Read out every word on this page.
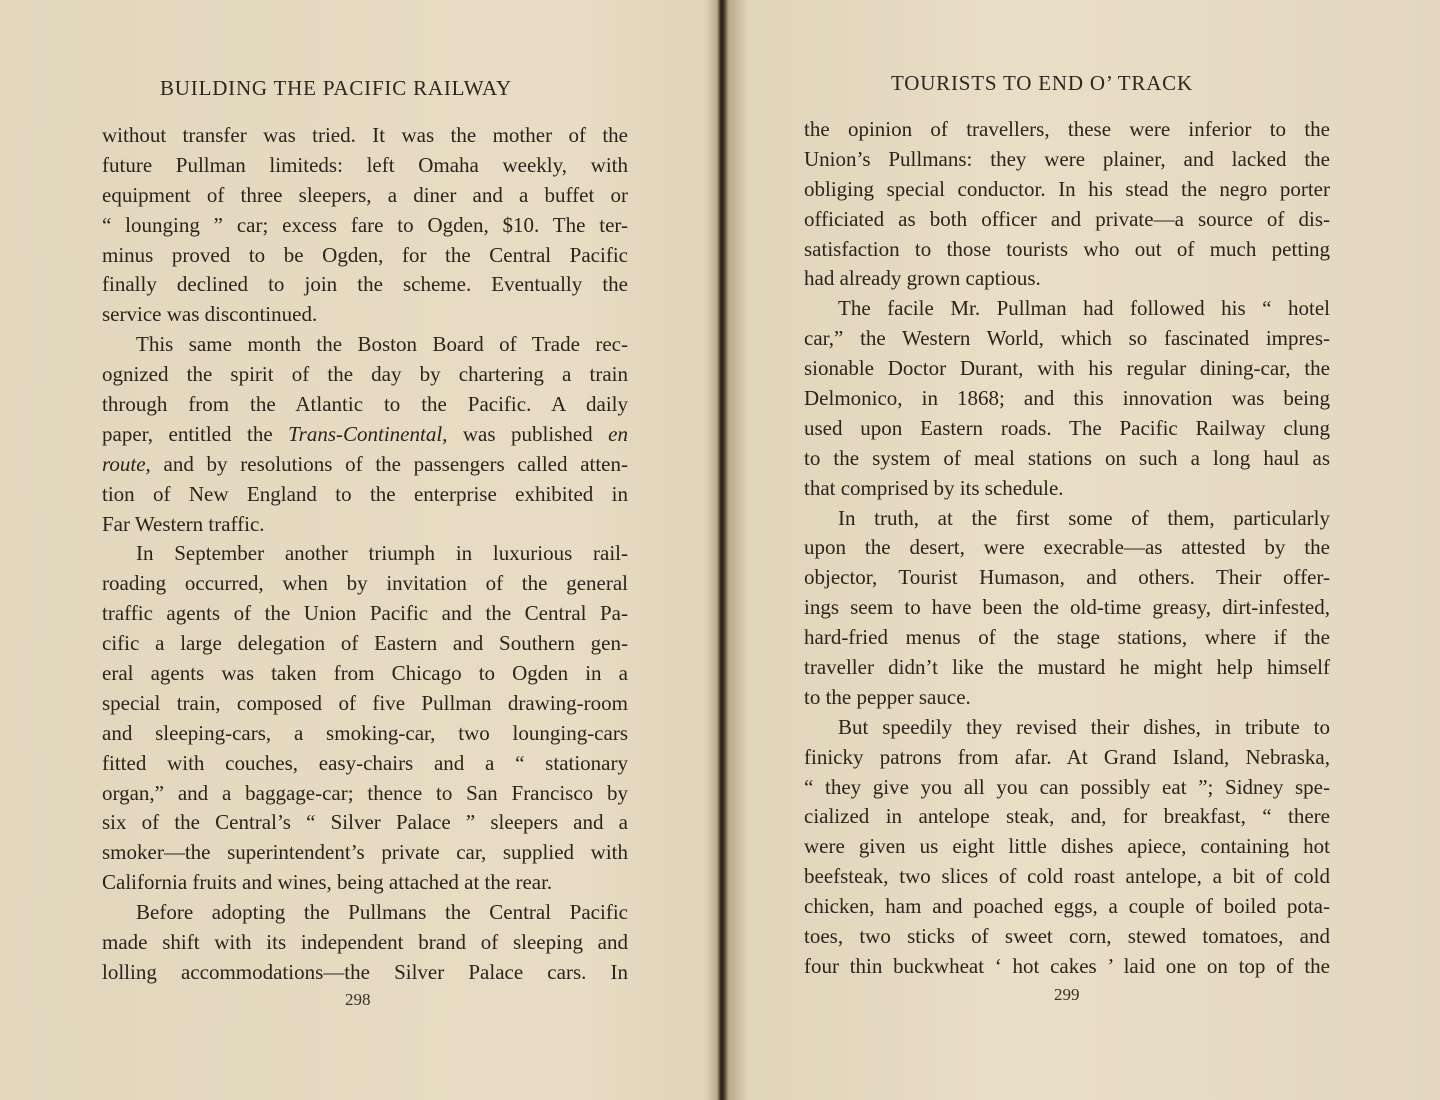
BUILDING THE PACIFIC RAILWAY
without transfer was tried. It was the mother of the
future Pullman limiteds: left Omaha weekly, with
equipment of three sleepers, a diner and a buffet or
“ lounging ” car; excess fare to Ogden, $10. The ter-
minus proved to be Ogden, for the Central Pacific
finally declined to join the scheme. Eventually the
service was discontinued.
This same month the Boston Board of Trade rec-
ognized the spirit of the day by chartering a train
through from the Atlantic to the Pacific. A daily
paper, entitled the Trans-Continental, was published en
route, and by resolutions of the passengers called atten-
tion of New England to the enterprise exhibited in
Far Western traffic.
In September another triumph in luxurious rail-
roading occurred, when by invitation of the general
traffic agents of the Union Pacific and the Central Pa-
cific a large delegation of Eastern and Southern gen-
eral agents was taken from Chicago to Ogden in a
special train, composed of five Pullman drawing-room
and sleeping-cars, a smoking-car, two lounging-cars
fitted with couches, easy-chairs and a “ stationary
organ,” and a baggage-car; thence to San Francisco by
six of the Central’s “ Silver Palace ” sleepers and a
smoker—the superintendent’s private car, supplied with
California fruits and wines, being attached at the rear.
Before adopting the Pullmans the Central Pacific
made shift with its independent brand of sleeping and
lolling accommodations—the Silver Palace cars. In
298
TOURISTS TO END O’ TRACK
the opinion of travellers, these were inferior to the
Union’s Pullmans: they were plainer, and lacked the
obliging special conductor. In his stead the negro porter
officiated as both officer and private—a source of dis-
satisfaction to those tourists who out of much petting
had already grown captious.
The facile Mr. Pullman had followed his “ hotel
car,” the Western World, which so fascinated impres-
sionable Doctor Durant, with his regular dining-car, the
Delmonico, in 1868; and this innovation was being
used upon Eastern roads. The Pacific Railway clung
to the system of meal stations on such a long haul as
that comprised by its schedule.
In truth, at the first some of them, particularly
upon the desert, were execrable—as attested by the
objector, Tourist Humason, and others. Their offer-
ings seem to have been the old-time greasy, dirt-infested,
hard-fried menus of the stage stations, where if the
traveller didn’t like the mustard he might help himself
to the pepper sauce.
But speedily they revised their dishes, in tribute to
finicky patrons from afar. At Grand Island, Nebraska,
“ they give you all you can possibly eat ”; Sidney spe-
cialized in antelope steak, and, for breakfast, “ there
were given us eight little dishes apiece, containing hot
beefsteak, two slices of cold roast antelope, a bit of cold
chicken, ham and poached eggs, a couple of boiled pota-
toes, two sticks of sweet corn, stewed tomatoes, and
four thin buckwheat ‘ hot cakes ’ laid one on top of the
299
